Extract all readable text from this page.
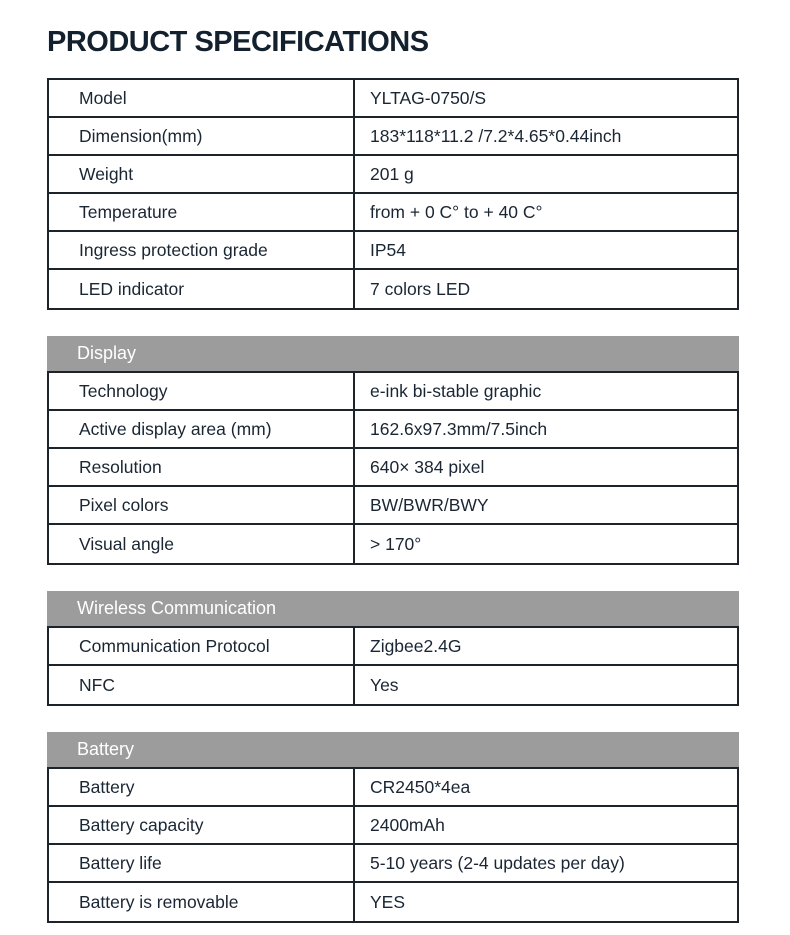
PRODUCT SPECIFICATIONS
Model	YLTAG-0750/S
Dimension(mm)	183*118*11.2 /7.2*4.65*0.44inch
Weight	201 g
Temperature	from + 0 C° to + 40 C°
Ingress protection grade	IP54
LED indicator	7 colors LED
Display
Technology	e-ink bi-stable graphic
Active display area (mm)	162.6x97.3mm/7.5inch
Resolution	640× 384 pixel
Pixel colors	BW/BWR/BWY
Visual angle	> 170°
Wireless Communication
Communication Protocol	Zigbee2.4G
NFC	Yes
Battery
Battery	CR2450*4ea
Battery capacity	2400mAh
Battery life	5-10 years (2-4 updates per day)
Battery is removable	YES
